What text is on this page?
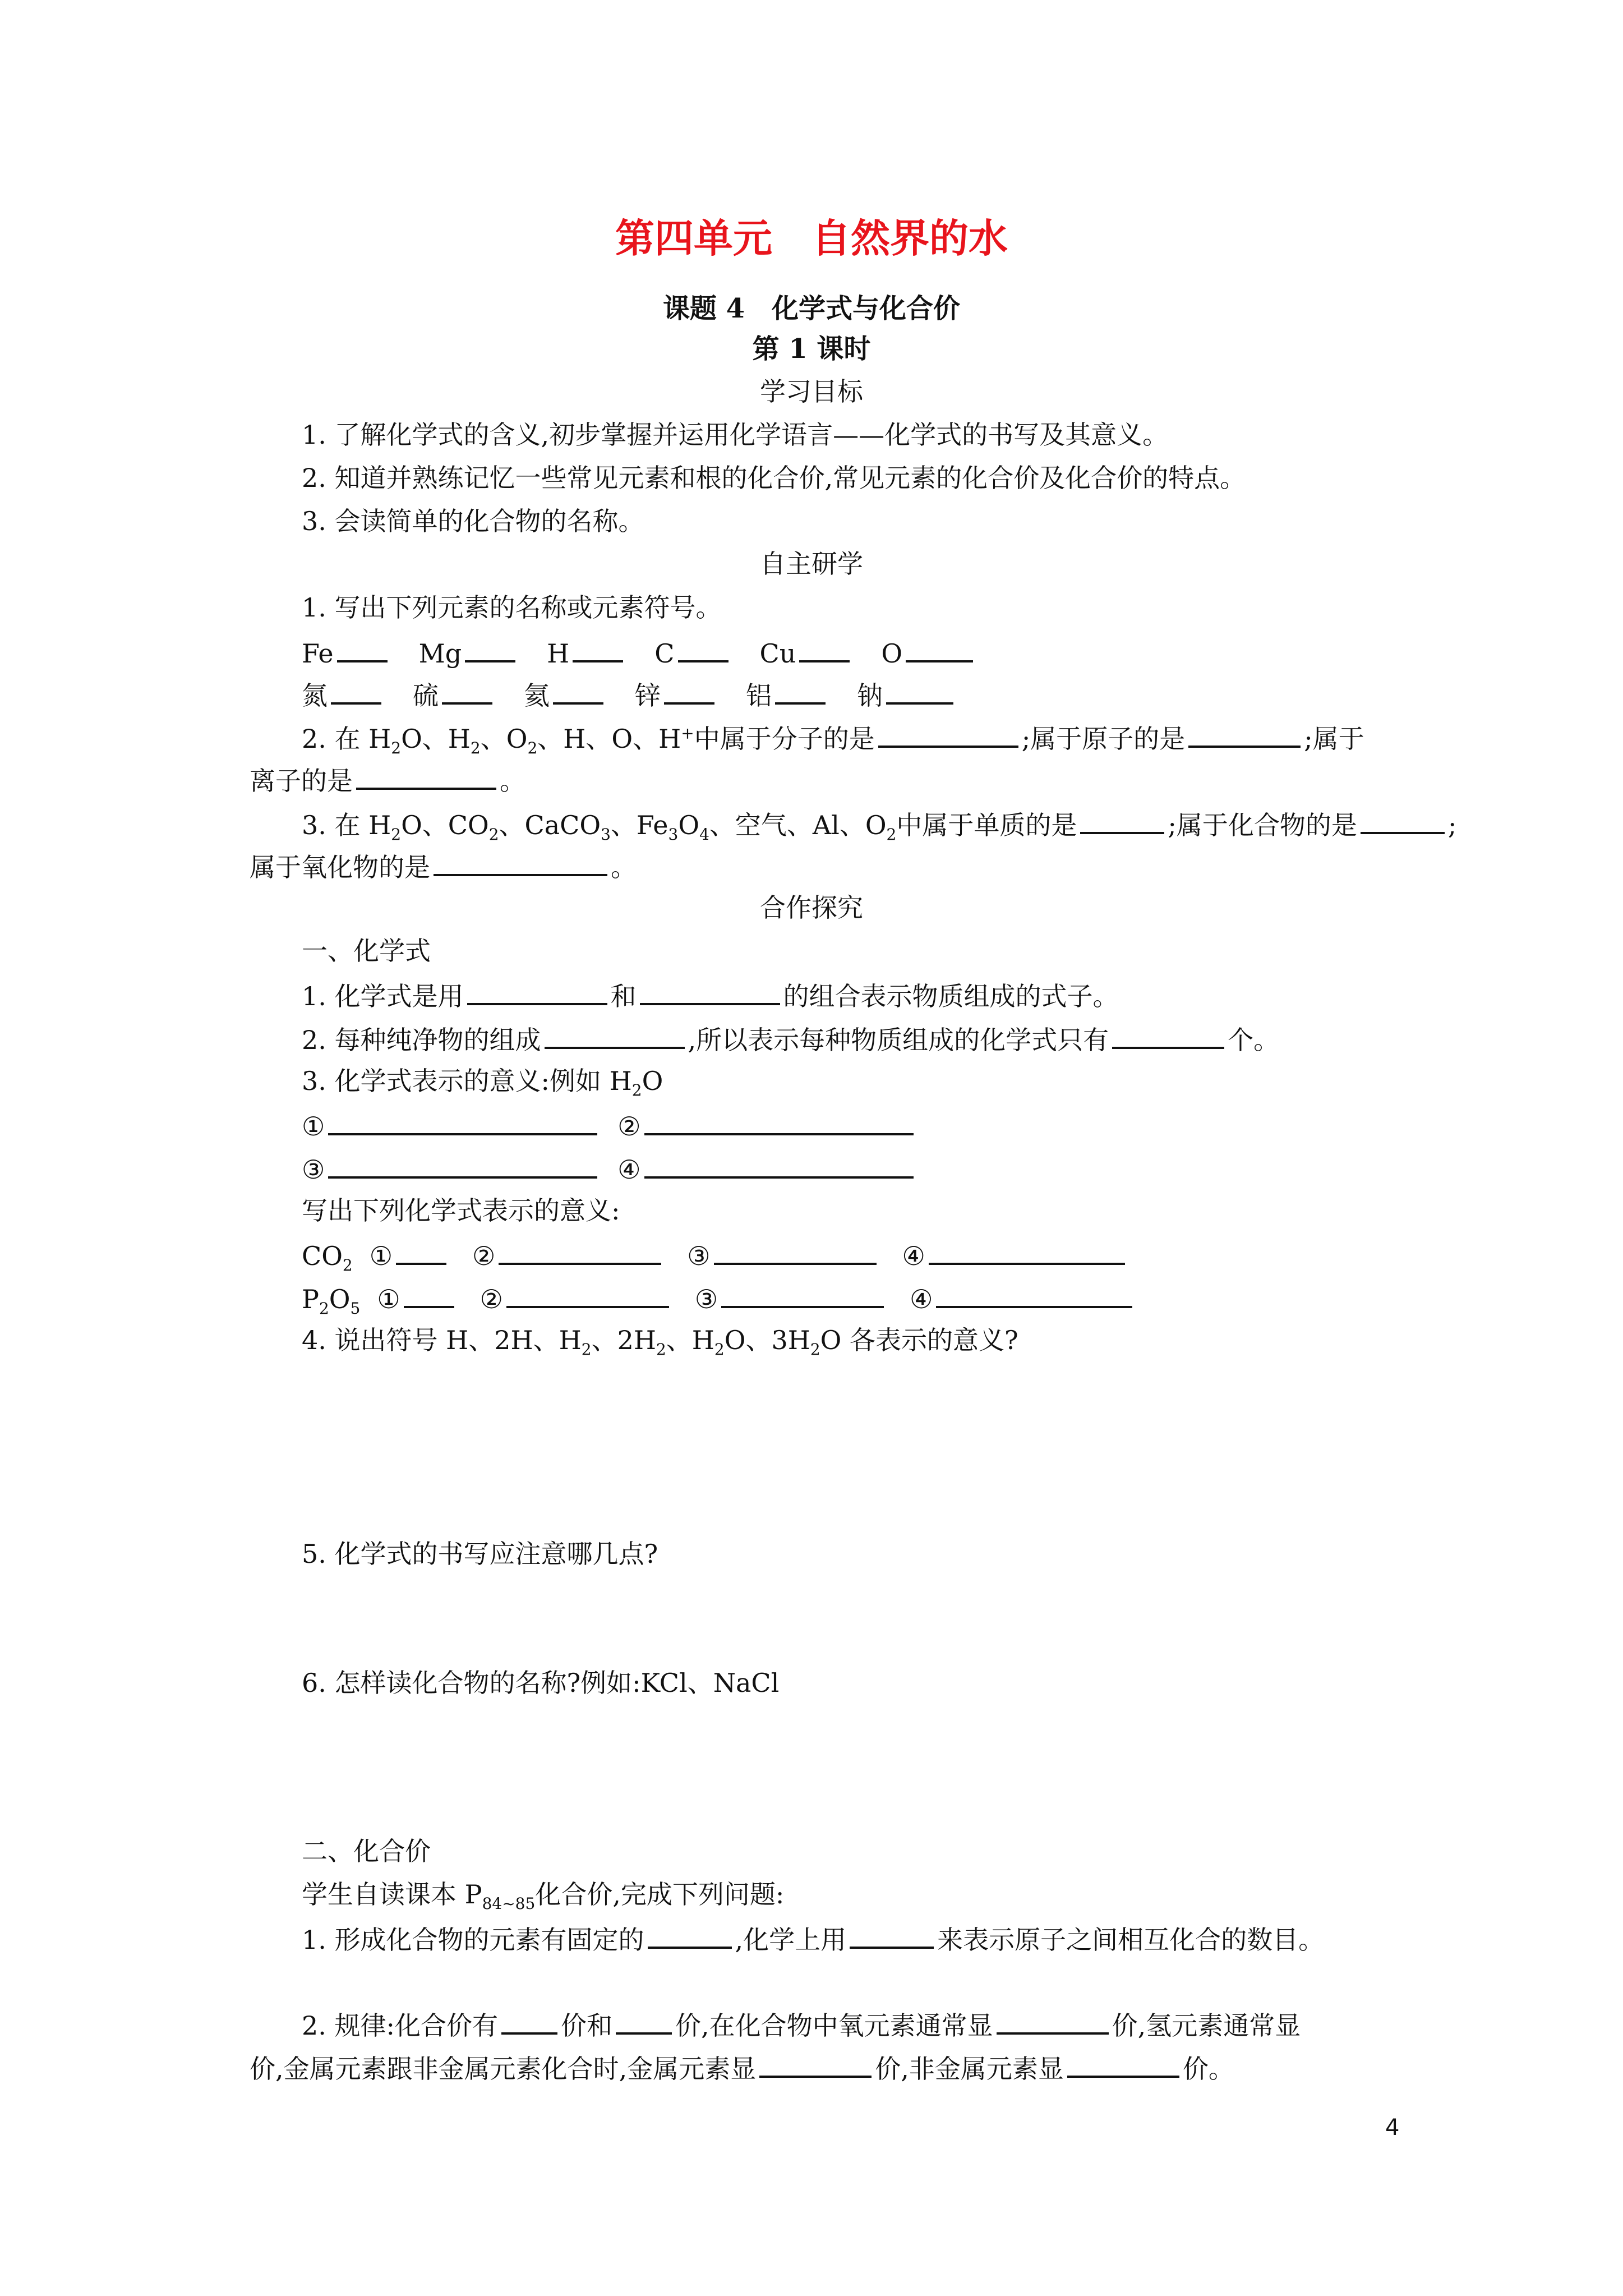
第四单元　自然界的水
课题 4　化学式与化合价
第 1 课时
学习目标
1. 了解化学式的含义,初步掌握并运用化学语言——化学式的书写及其意义。
2. 知道并熟练记忆一些常见元素和根的化合价,常见元素的化合价及化合价的特点。
3. 会读简单的化合物的名称。
自主研学
1. 写出下列元素的名称或元素符号。
Fe	Mg	H	C	Cu	O
氮	硫	氦	锌	铝	钠
2. 在 $H_2O$、$H_2$、$O_2$、H、O、H+中属于分子的是	;属于原子的是	;属于
离子的是	。
3. 在 $H_2O$、$CO_2$、CaCO$_3$、$Fe_3O_4$、空气、Al、$O_2$中属于单质的是	;属于化合物的是	;
属于氧化物的是	。
合作探究
一、化学式
1. 化学式是用	和	的组合表示物质组成的式子。
2. 每种纯净物的组成	,所以表示每种物质组成的化学式只有	个。
3. 化学式表示的意义:例如 $H_2O$
①	②
③	④
写出下列化学式表示的意义:
$CO_2$ ①	②	③	④
$P_2O_5$ ①	②	③	④
4. 说出符号 H、2H、$H_2$、$2H_2$、$H_2O$、$3H_2O$ 各表示的意义?
5. 化学式的书写应注意哪几点?
6. 怎样读化合物的名称?例如:KCl、NaCl
二、化合价
学生自读课本 $P_{84\sim 85}$化合价,完成下列问题:
1. 形成化合物的元素有固定的	,化学上用	来表示原子之间相互化合的数目。
2. 规律:化合价有 价和 价,在化合物中氧元素通常显	价,氢元素通常显
价,金属元素跟非金属元素化合时,金属元素显	价,非金属元素显	价。
4
